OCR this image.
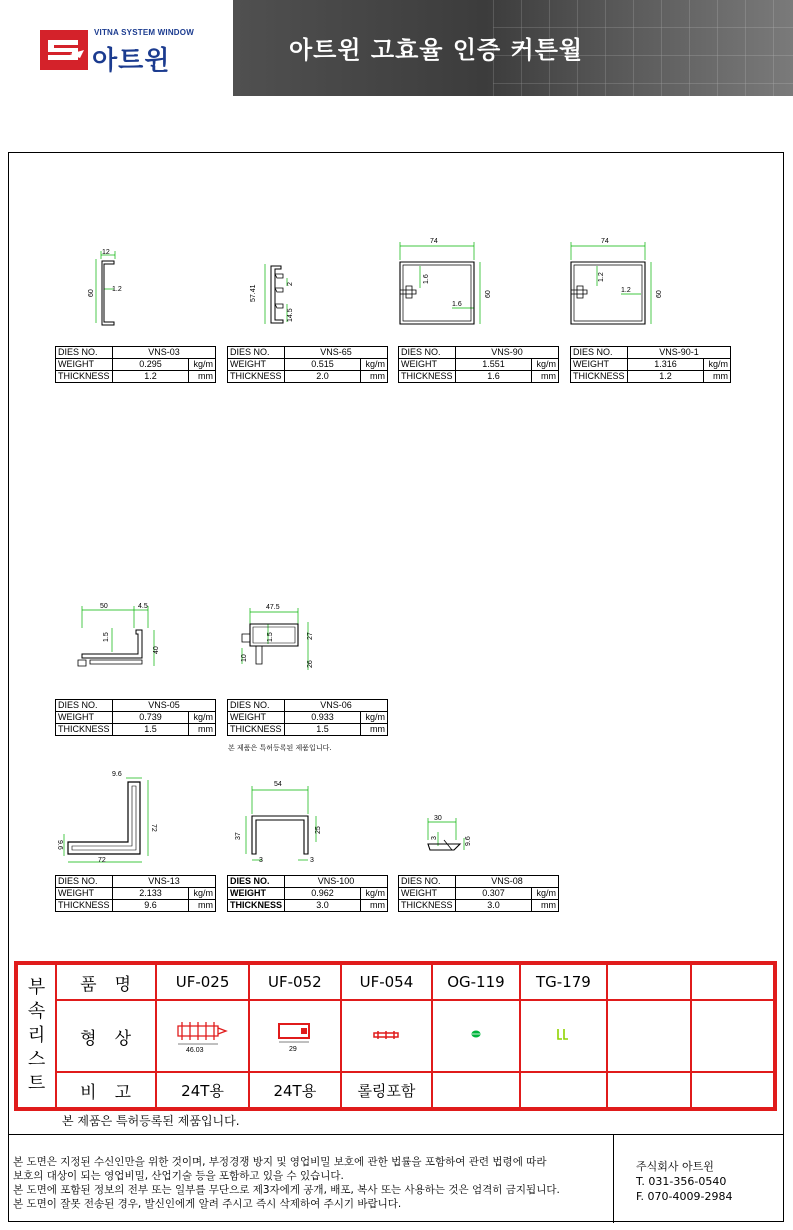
VITNA SYSTEM WINDOW
아트윈	아트윈 고효율 인증 커튼월
12
60 1.2	57.41
2
14.5
74
1.6
1.6
60
74
1.2
1.2	60
50	4.5
1.5
40
47.5
1.5	27
10
26
9.6
72
9.6
72
54
37
25
3	3
30
3	9.6
DIES NO.	VNS-03	
WEIGHT	0.295	kg/m
THICKNESS	1.2	mm
DIES NO.	VNS-65	
WEIGHT	0.515	kg/m
THICKNESS	2.0	mm
DIES NO.	VNS-90	
WEIGHT	1.551	kg/m
THICKNESS	1.6	mm
DIES NO.	VNS-90-1	
WEIGHT	1.316	kg/m
THICKNESS	1.2	mm
DIES NO.	VNS-05	
WEIGHT	0.739	kg/m
THICKNESS	1.5	mm
DIES NO.	VNS-06	
WEIGHT	0.933	kg/m
THICKNESS	1.5	mm
본 제품은 특허등록된 제품입니다.
DIES NO.	VNS-13	
WEIGHT	2.133	kg/m
THICKNESS	9.6	mm
DIES NO.	VNS-100	
WEIGHT	0.962	kg/m
THICKNESS	3.0	mm
DIES NO.	VNS-08	
WEIGHT	0.307	kg/m
THICKNESS	3.0	mm
부
속
리
스
트	품명	UF-025	UF-052	UF-054	OG-119	TG-179		
	형상	46.03	29

	비고	24T용	24T용	롤링포함				
본 제품은 특허등록된 제품입니다.

본 도면은 지정된 수신인만을 위한 것이며, 부정경쟁 방지 및 영업비밀 보호에 관한 법률을 포함하여 관련 법령에 따라

보호의 대상이 되는 영업비밀, 산업기술 등을 포함하고 있을 수 있습니다.

본 도면에 포함된 정보의 전부 또는 일부를 무단으로 제3자에게 공개, 배포, 복사 또는 사용하는 것은 엄격히 금지됩니다.

본 도면이 잘못 전송된 경우, 발신인에게 알려 주시고 즉시 삭제하여 주시기 바랍니다.

주식회사 아트윈
T. 031-356-0540
F. 070-4009-2984
